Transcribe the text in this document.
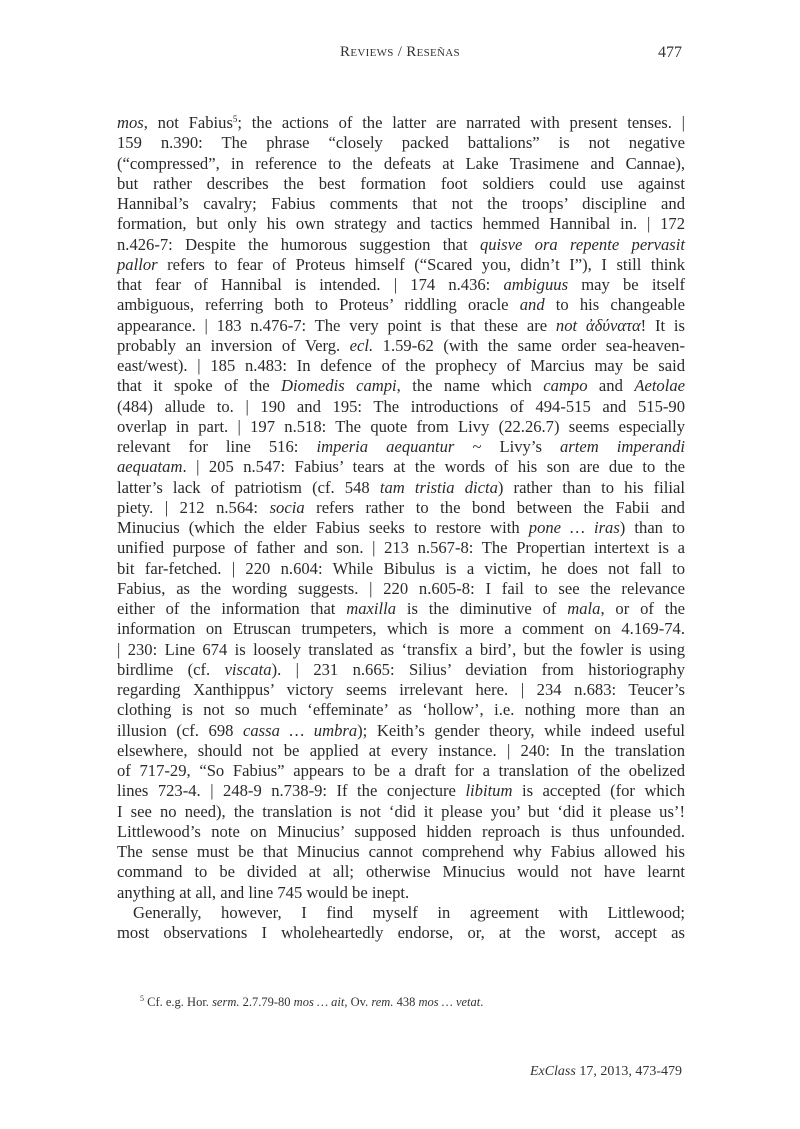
Reviews / Reseñas	477
mos, not Fabius$^5$; the actions of the latter are narrated with present tenses. |
159 n.390: The phrase “closely packed battalions” is not negative
(“compressed”, in reference to the defeats at Lake Trasimene and Cannae),
but rather describes the best formation foot soldiers could use against
Hannibal’s cavalry; Fabius comments that not the troops’ discipline and
formation, but only his own strategy and tactics hemmed Hannibal in. | 172
n.426-7: Despite the humorous suggestion that quisve ora repente pervasit
pallor refers to fear of Proteus himself (“Scared you, didn’t I”), I still think
that fear of Hannibal is intended. | 174 n.436: ambiguus may be itself
ambiguous, referring both to Proteus’ riddling oracle and to his changeable
appearance. | 183 n.476-7: The very point is that these are not ἀδύνατα! It is
probably an inversion of Verg. ecl. 1.59-62 (with the same order sea-heaven-
east/west). | 185 n.483: In defence of the prophecy of Marcius may be said
that it spoke of the Diomedis campi, the name which campo and Aetolae
(484) allude to. | 190 and 195: The introductions of 494-515 and 515-90
overlap in part. | 197 n.518: The quote from Livy (22.26.7) seems especially
relevant for line 516: imperia aequantur ~ Livy’s artem imperandi
aequatam. | 205 n.547: Fabius’ tears at the words of his son are due to the
latter’s lack of patriotism (cf. 548 tam tristia dicta) rather than to his filial
piety. | 212 n.564: socia refers rather to the bond between the Fabii and
Minucius (which the elder Fabius seeks to restore with pone … iras) than to
unified purpose of father and son. | 213 n.567-8: The Propertian intertext is a
bit far-fetched. | 220 n.604: While Bibulus is a victim, he does not fall to
Fabius, as the wording suggests. | 220 n.605-8: I fail to see the relevance
either of the information that maxilla is the diminutive of mala, or of the
information on Etruscan trumpeters, which is more a comment on 4.169-74.
| 230: Line 674 is loosely translated as ‘transfix a bird’, but the fowler is using
birdlime (cf. viscata). | 231 n.665: Silius’ deviation from historiography
regarding Xanthippus’ victory seems irrelevant here. | 234 n.683: Teucer’s
clothing is not so much ‘effeminate’ as ‘hollow’, i.e. nothing more than an
illusion (cf. 698 cassa … umbra); Keith’s gender theory, while indeed useful
elsewhere, should not be applied at every instance. | 240: In the translation
of 717-29, “So Fabius” appears to be a draft for a translation of the obelized
lines 723-4. | 248-9 n.738-9: If the conjecture libitum is accepted (for which
I see no need), the translation is not ‘did it please you’ but ‘did it please us’!
Littlewood’s note on Minucius’ supposed hidden reproach is thus unfounded.
The sense must be that Minucius cannot comprehend why Fabius allowed his
command to be divided at all; otherwise Minucius would not have learnt
anything at all, and line 745 would be inept.
Generally, however, I find myself in agreement with Littlewood;
most observations I wholeheartedly endorse, or, at the worst, accept as
$^5$ Cf. e.g. Hor. serm. 2.7.79-80 mos … ait, Ov. rem. 438 mos … vetat.
ExClass 17, 2013, 473-479
